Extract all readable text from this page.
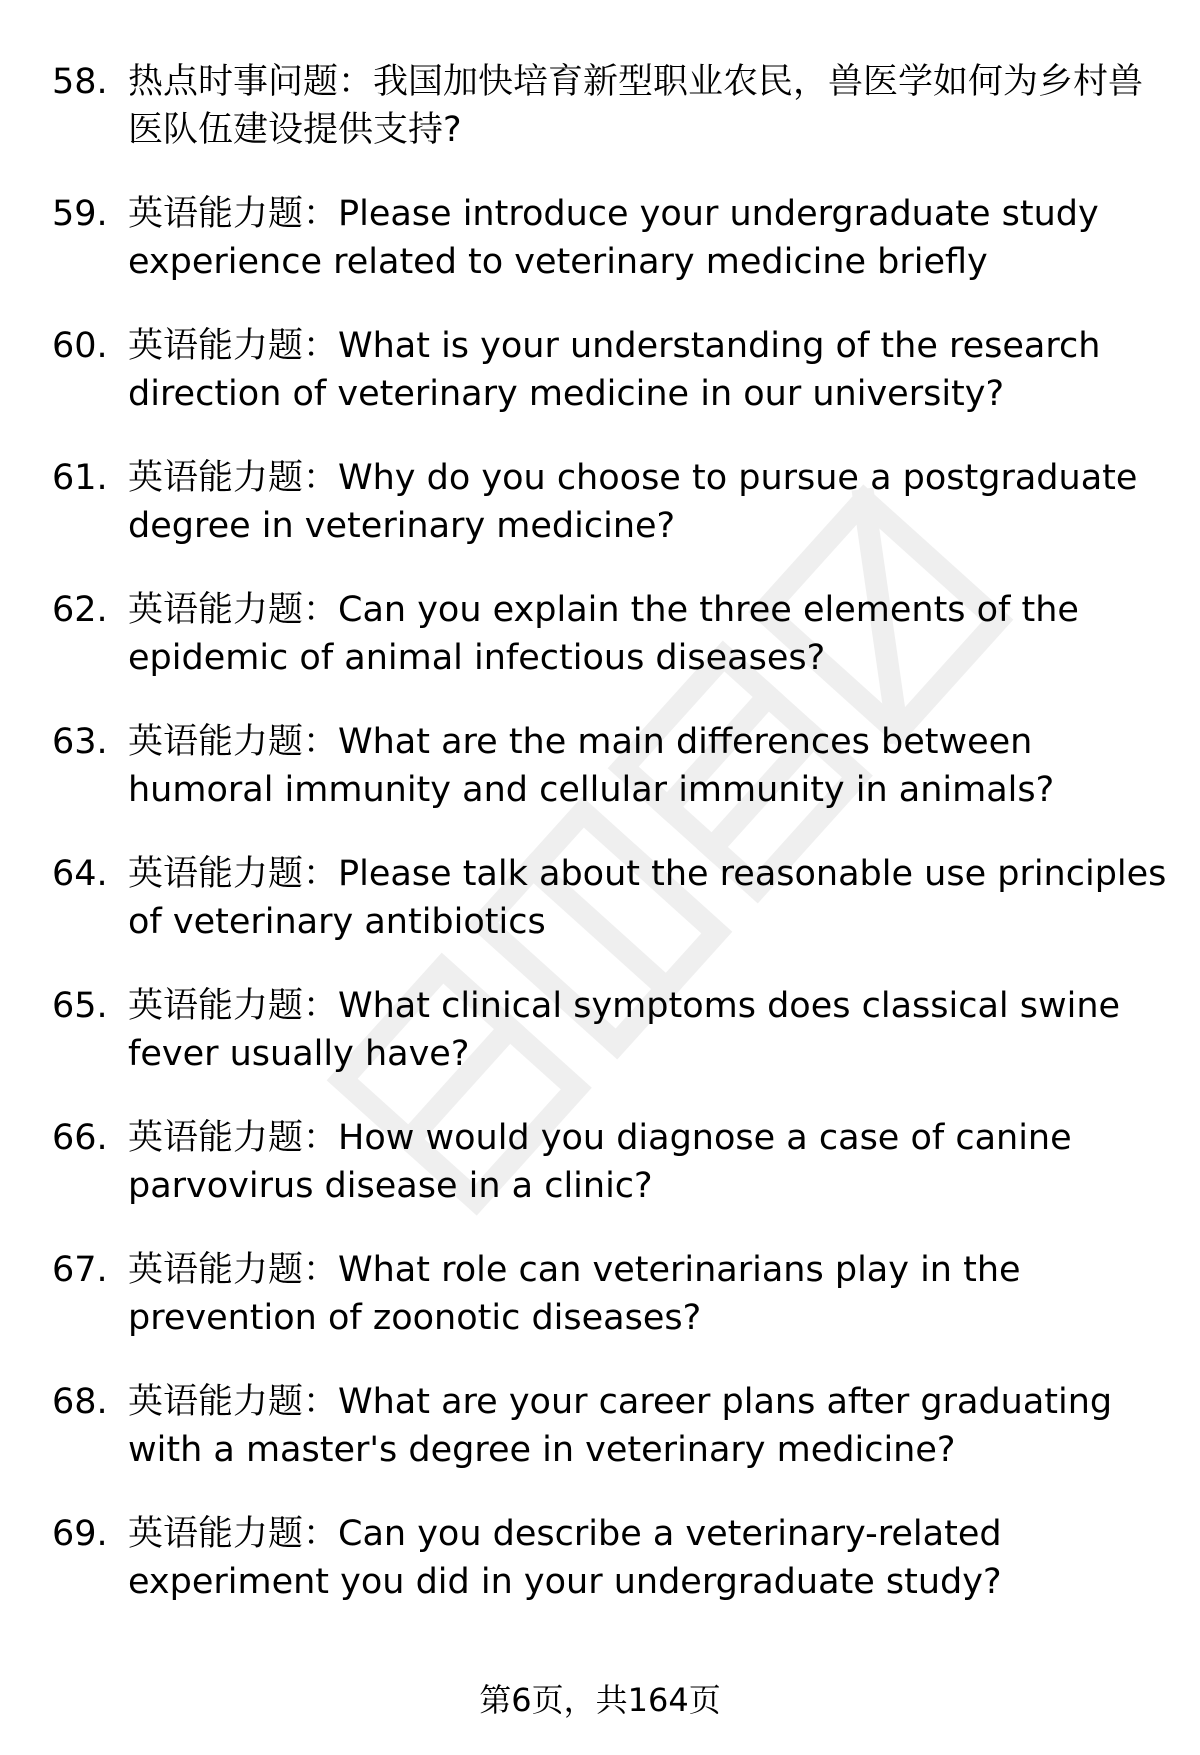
58. 热点时事问题：我国加快培育新型职业农民，兽医学如何为乡村兽医队伍建设提供支持?
59. 英语能力题：Please introduce your undergraduate study experience related to veterinary medicine briefly
60. 英语能力题：What is your understanding of the research direction of veterinary medicine in our university?
61. 英语能力题：Why do you choose to pursue a postgraduate degree in veterinary medicine?
62. 英语能力题：Can you explain the three elements of the epidemic of animal infectious diseases?
63. 英语能力题：What are the main differences between humoral immunity and cellular immunity in animals?
64. 英语能力题：Please talk about the reasonable use principles of veterinary antibiotics
65. 英语能力题：What clinical symptoms does classical swine fever usually have?
66. 英语能力题：How would you diagnose a case of canine parvovirus disease in a clinic?
67. 英语能力题：What role can veterinarians play in the prevention of zoonotic diseases?
68. 英语能力题：What are your career plans after graduating with a master's degree in veterinary medicine?
69. 英语能力题：Can you describe a veterinary-related experiment you did in your undergraduate study?
第6页，共164页
